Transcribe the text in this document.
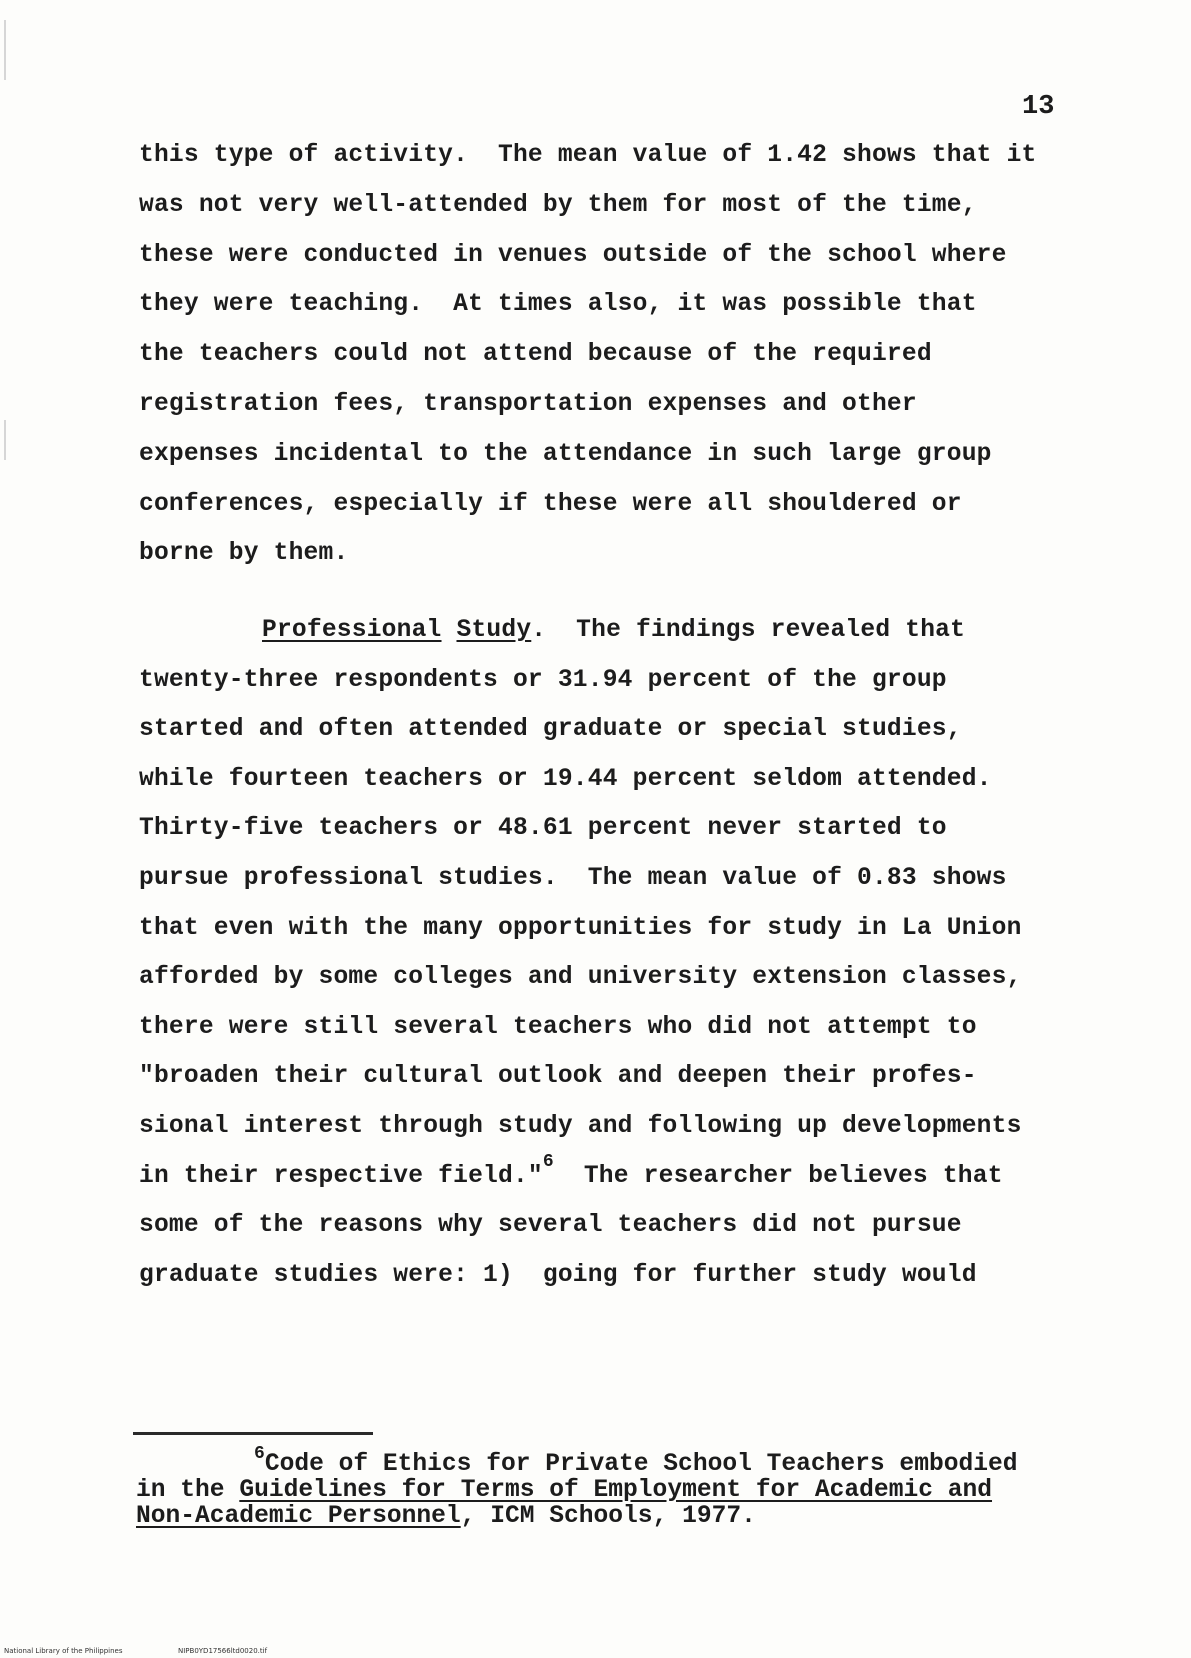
13
this type of activity.  The mean value of 1.42 shows that it
was not very well-attended by them for most of the time,
these were conducted in venues outside of the school where
they were teaching.  At times also, it was possible that
the teachers could not attend because of the required
registration fees, transportation expenses and other
expenses incidental to the attendance in such large group
conferences, especially if these were all shouldered or
borne by them.
Professional Study.  The findings revealed that
twenty-three respondents or 31.94 percent of the group
started and often attended graduate or special studies,
while fourteen teachers or 19.44 percent seldom attended.
Thirty-five teachers or 48.61 percent never started to
pursue professional studies.  The mean value of 0.83 shows
that even with the many opportunities for study in La Union
afforded by some colleges and university extension classes,
there were still several teachers who did not attempt to
"broaden their cultural outlook and deepen their profes-
sional interest through study and following up developments
in their respective field."$^6$  The researcher believes that
some of the reasons why several teachers did not pursue
graduate studies were: 1)  going for further study would
$^6$Code of Ethics for Private School Teachers embodied
in the Guidelines for Terms of Employment for Academic and
Non-Academic Personnel, ICM Schools, 1977.
National Library of the Philippines	NIPB0YD17566ltd0020.tif
